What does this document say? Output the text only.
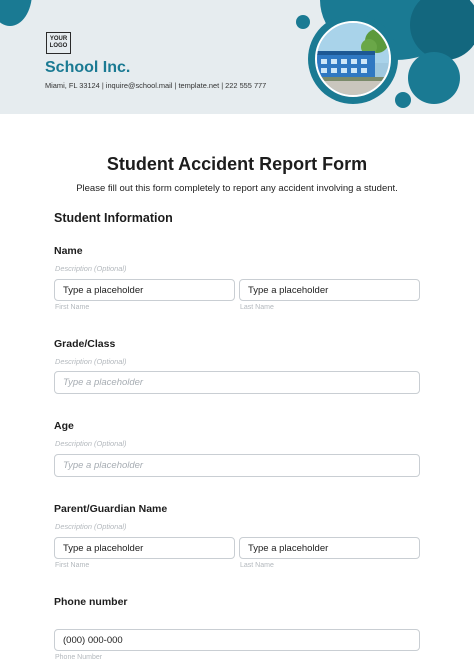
YOUR LOGO
School Inc.
Miami, FL 33124 | inquire@school.mail | template.net | 222 555 777
Student Accident Report Form
Please fill out this form completely to report any accident involving a student.
Student Information
Name
Description (Optional)
Type a placeholder	Type a placeholder
First Name	Last Name
Grade/Class
Description (Optional)
Type a placeholder
Age
Description (Optional)
Type a placeholder
Parent/Guardian Name
Description (Optional)
Type a placeholder	Type a placeholder
First Name	Last Name
Phone number
(000) 000-000
Phone Number
